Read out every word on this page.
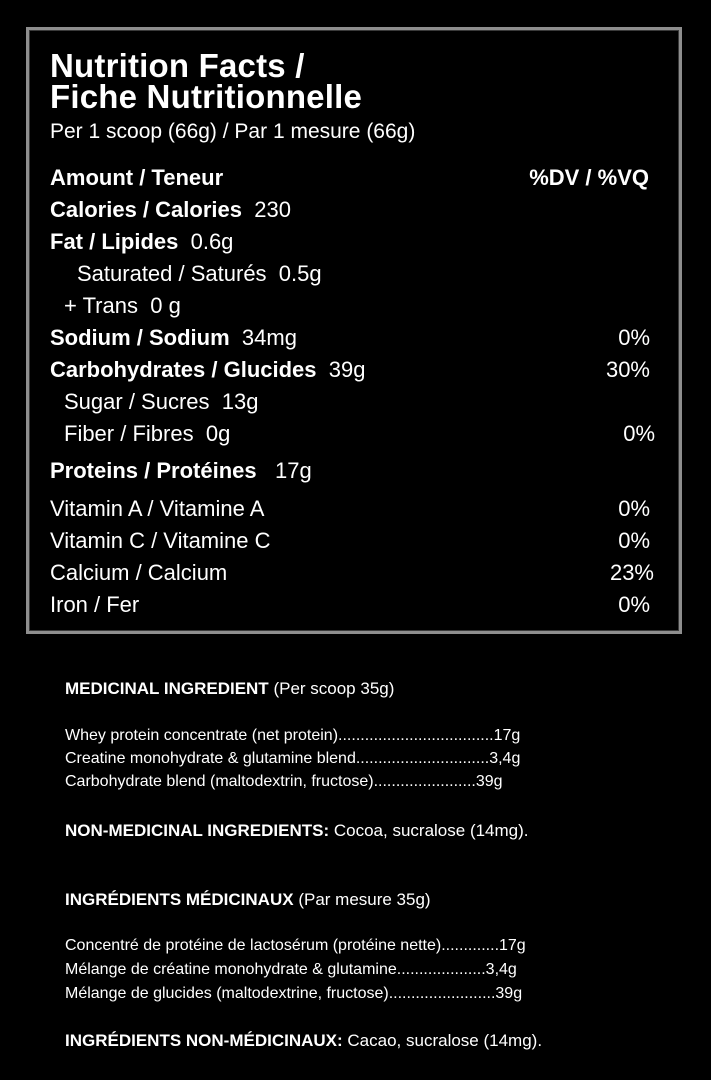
Nutrition Facts /
Fiche Nutritionnelle
Per 1 scoop (66g) / Par 1 mesure (66g)
Amount / Teneur	%DV / %VQ
Calories / Calories 230
Fat / Lipides 0.6g
Saturated / Saturés 0.5g
+ Trans 0 g
Sodium / Sodium 34mg	0%
Carbohydrates / Glucides 39g	30%
Sugar / Sucres 13g
Fiber / Fibres 0g	0%
Proteins / Protéines 17g
Vitamin A / Vitamine A	0%
Vitamin C / Vitamine C	0%
Calcium / Calcium	23%
Iron / Fer	0%
MEDICINAL INGREDIENT (Per scoop 35g)
Whey protein concentrate (net protein)...................................17g
Creatine monohydrate & glutamine blend..............................3,4g
Carbohydrate blend (maltodextrin, fructose).......................39g
NON-MEDICINAL INGREDIENTS: Cocoa, sucralose (14mg).
INGRÉDIENTS MÉDICINAUX (Par mesure 35g)
Concentré de protéine de lactosérum (protéine nette).............17g
Mélange de créatine monohydrate & glutamine....................3,4g
Mélange de glucides (maltodextrine, fructose)........................39g
INGRÉDIENTS NON-MÉDICINAUX: Cacao, sucralose (14mg).
